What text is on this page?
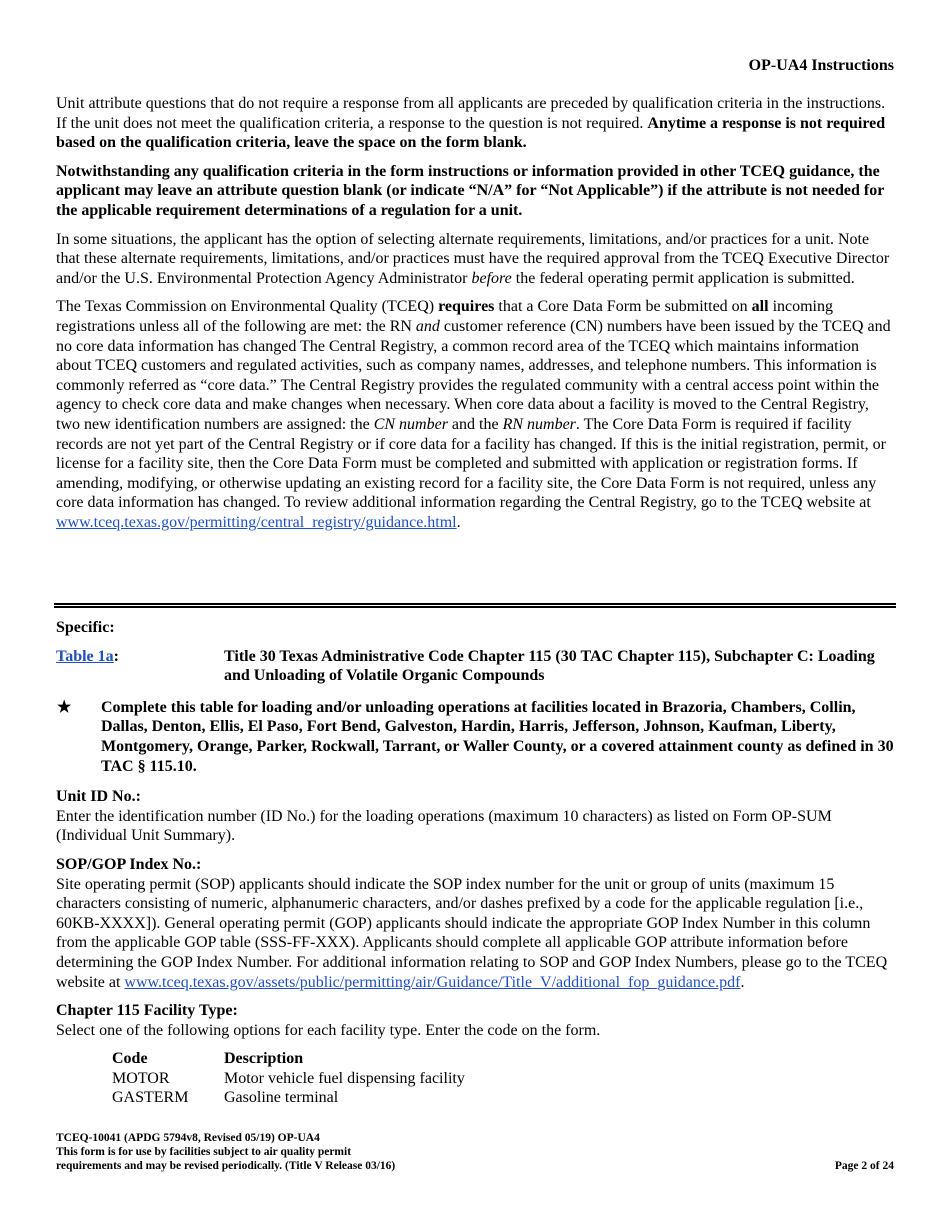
OP-UA4 Instructions

Unit attribute questions that do not require a response from all applicants are preceded by qualification criteria in the instructions. If the unit does not meet the qualification criteria, a response to the question is not required. Anytime a response is not required based on the qualification criteria, leave the space on the form blank.

Notwithstanding any qualification criteria in the form instructions or information provided in other TCEQ guidance, the applicant may leave an attribute question blank (or indicate “N/A” for “Not Applicable”) if the attribute is not needed for the applicable requirement determinations of a regulation for a unit.

In some situations, the applicant has the option of selecting alternate requirements, limitations, and/or practices for a unit. Note that these alternate requirements, limitations, and/or practices must have the required approval from the TCEQ Executive Director and/or the U.S. Environmental Protection Agency Administrator before the federal operating permit application is submitted.

The Texas Commission on Environmental Quality (TCEQ) requires that a Core Data Form be submitted on all incoming registrations unless all of the following are met: the RN and customer reference (CN) numbers have been issued by the TCEQ and no core data information has changed The Central Registry, a common record area of the TCEQ which maintains information about TCEQ customers and regulated activities, such as company names, addresses, and telephone numbers. This information is commonly referred as “core data.” The Central Registry provides the regulated community with a central access point within the agency to check core data and make changes when necessary. When core data about a facility is moved to the Central Registry, two new identification numbers are assigned: the CN number and the RN number. The Core Data Form is required if facility records are not yet part of the Central Registry or if core data for a facility has changed. If this is the initial registration, permit, or license for a facility site, then the Core Data Form must be completed and submitted with application or registration forms. If amending, modifying, or otherwise updating an existing record for a facility site, the Core Data Form is not required, unless any core data information has changed. To review additional information regarding the Central Registry, go to the TCEQ website at www.tceq.texas.gov/permitting/central_registry/guidance.html.

Specific:
Table 1a:	Title 30 Texas Administrative Code Chapter 115 (30 TAC Chapter 115), Subchapter C: Loading and Unloading of Volatile Organic Compounds
★	Complete this table for loading and/or unloading operations at facilities located in Brazoria, Chambers, Collin, Dallas, Denton, Ellis, El Paso, Fort Bend, Galveston, Hardin, Harris, Jefferson, Johnson, Kaufman, Liberty, Montgomery, Orange, Parker, Rockwall, Tarrant, or Waller County, or a covered attainment county as defined in 30 TAC § 115.10.
Unit ID No.:
Enter the identification number (ID No.) for the loading operations (maximum 10 characters) as listed on Form OP-SUM (Individual Unit Summary).
SOP/GOP Index No.:
Site operating permit (SOP) applicants should indicate the SOP index number for the unit or group of units (maximum 15 characters consisting of numeric, alphanumeric characters, and/or dashes prefixed by a code for the applicable regulation [i.e., 60KB-XXXX]). General operating permit (GOP) applicants should indicate the appropriate GOP Index Number in this column from the applicable GOP table (SSS-FF-XXX). Applicants should complete all applicable GOP attribute information before determining the GOP Index Number. For additional information relating to SOP and GOP Index Numbers, please go to the TCEQ website at www.tceq.texas.gov/assets/public/permitting/air/Guidance/Title_V/additional_fop_guidance.pdf.
Chapter 115 Facility Type:
Select one of the following options for each facility type. Enter the code on the form.
Code	Description
MOTOR	Motor vehicle fuel dispensing facility
GASTERM	Gasoline terminal
TCEQ-10041 (APDG 5794v8, Revised 05/19) OP-UA4
This form is for use by facilities subject to air quality permit
requirements and may be revised periodically. (Title V Release 03/16)	Page 2 of 24
